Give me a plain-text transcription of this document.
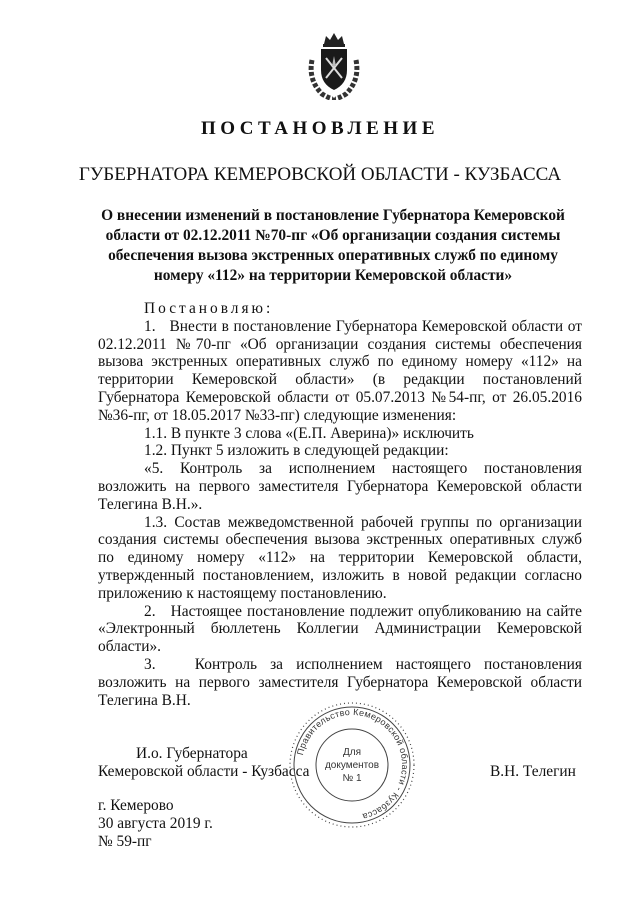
ПОСТАНОВЛЕНИЕ
ГУБЕРНАТОРА КЕМЕРОВСКОЙ ОБЛАСТИ - КУЗБАССА
О внесении изменений в постановление Губернатора Кемеровской области от 02.12.2011 №70-пг «Об организации создания системы обеспечения вызова экстренных оперативных служб по единому номеру «112» на территории Кемеровской области»

Постановляю:

1.   Внести в постановление Губернатора Кемеровской области от 02.12.2011 №70-пг «Об организации создания системы обеспечения вызова экстренных оперативных служб по единому номеру «112» на территории Кемеровской области» (в редакции постановлений Губернатора Кемеровской области от 05.07.2013 №54-пг, от 26.05.2016 №36-пг, от 18.05.2017 №33-пг) следующие изменения:

1.1. В пункте 3 слова «(Е.П. Аверина)» исключить

1.2. Пункт 5 изложить в следующей редакции:

«5. Контроль за исполнением настоящего постановления возложить на первого заместителя Губернатора Кемеровской области Телегина В.Н.».

1.3. Состав межведомственной рабочей группы по организации создания системы обеспечения вызова экстренных оперативных служб по единому номеру «112» на территории Кемеровской области, утвержденный постановлением, изложить в новой редакции согласно приложению к настоящему постановлению.

2.   Настоящее постановление подлежит опубликованию на сайте «Электронный бюллетень Коллегии Администрации Кемеровской области».

3.   Контроль за исполнением настоящего постановления возложить на первого заместителя Губернатора Кемеровской области Телегина В.Н.

И.о. Губернатора
Кемеровской области - Кузбасса	В.Н. Телегин
г. Кемерово
30 августа 2019 г.
№ 59-пг
Правительство Кемеровской области - Кузбасса
Для
документов
№ 1
